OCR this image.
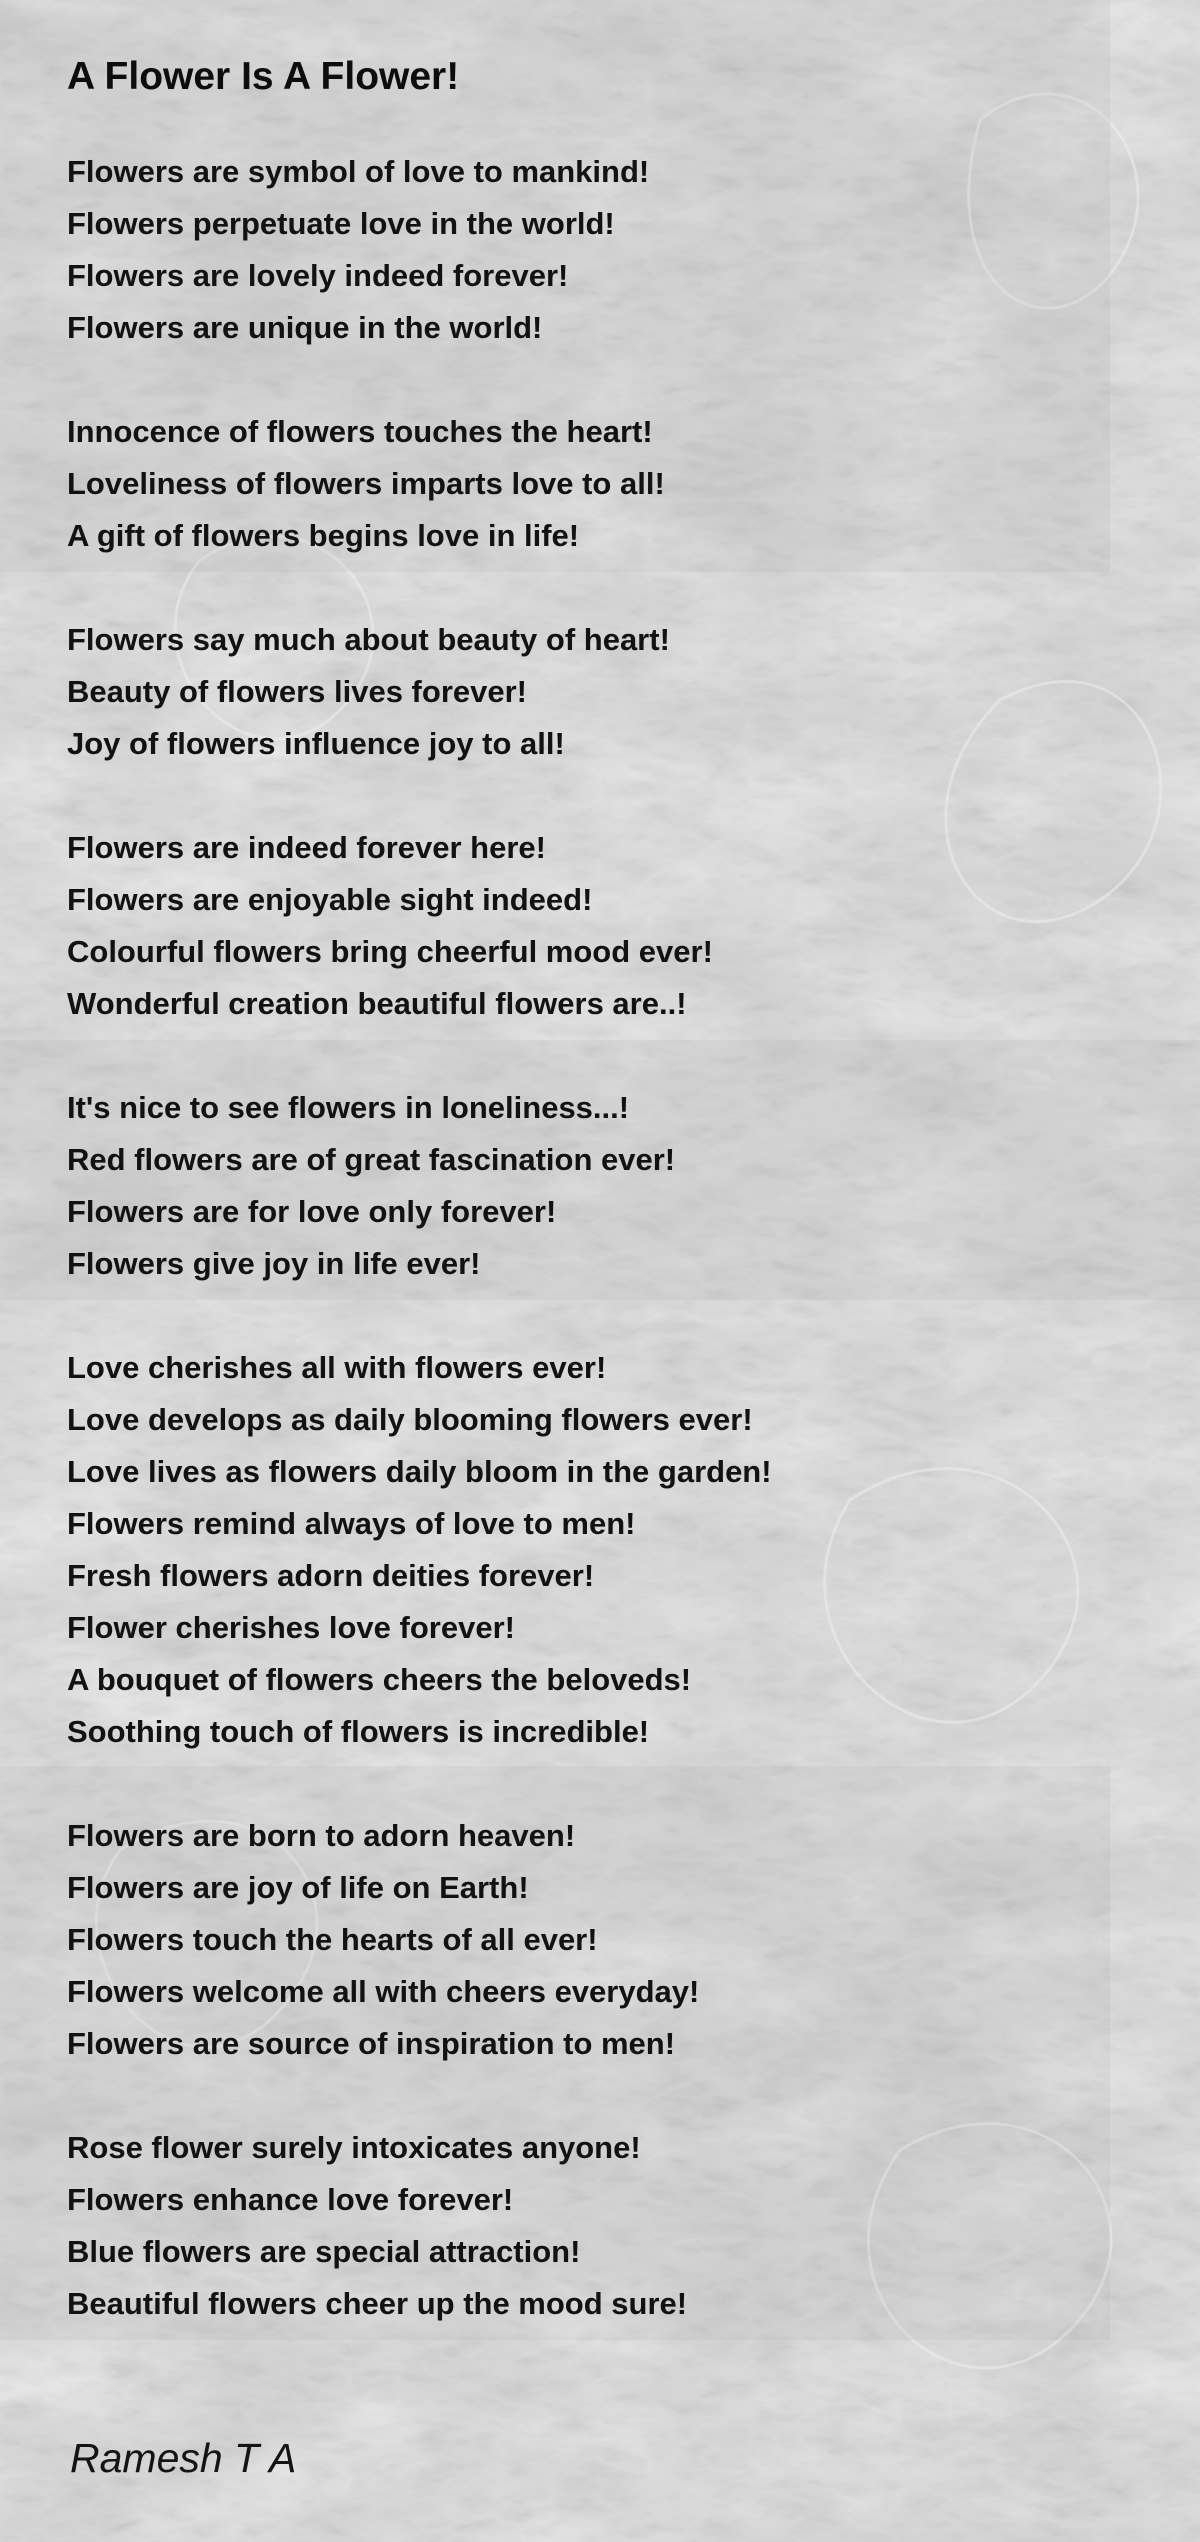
A Flower Is A Flower!
Flowers are symbol of love to mankind!
Flowers perpetuate love in the world!
Flowers are lovely indeed forever!
Flowers are unique in the world!
Innocence of flowers touches the heart!
Loveliness of flowers imparts love to all!
A gift of flowers begins love in life!
Flowers say much about beauty of heart!
Beauty of flowers lives forever!
Joy of flowers influence joy to all!
Flowers are indeed forever here!
Flowers are enjoyable sight indeed!
Colourful flowers bring cheerful mood ever!
Wonderful creation beautiful flowers are..!
It's nice to see flowers in loneliness...!
Red flowers are of great fascination ever!
Flowers are for love only forever!
Flowers give joy in life ever!
Love cherishes all with flowers ever!
Love develops as daily blooming flowers ever!
Love lives as flowers daily bloom in the garden!
Flowers remind always of love to men!
Fresh flowers adorn deities forever!
Flower cherishes love forever!
A bouquet of flowers cheers the beloveds!
Soothing touch of flowers is incredible!
Flowers are born to adorn heaven!
Flowers are joy of life on Earth!
Flowers touch the hearts of all ever!
Flowers welcome all with cheers everyday!
Flowers are source of inspiration to men!
Rose flower surely intoxicates anyone!
Flowers enhance love forever!
Blue flowers are special attraction!
Beautiful flowers cheer up the mood sure!
Ramesh T A
